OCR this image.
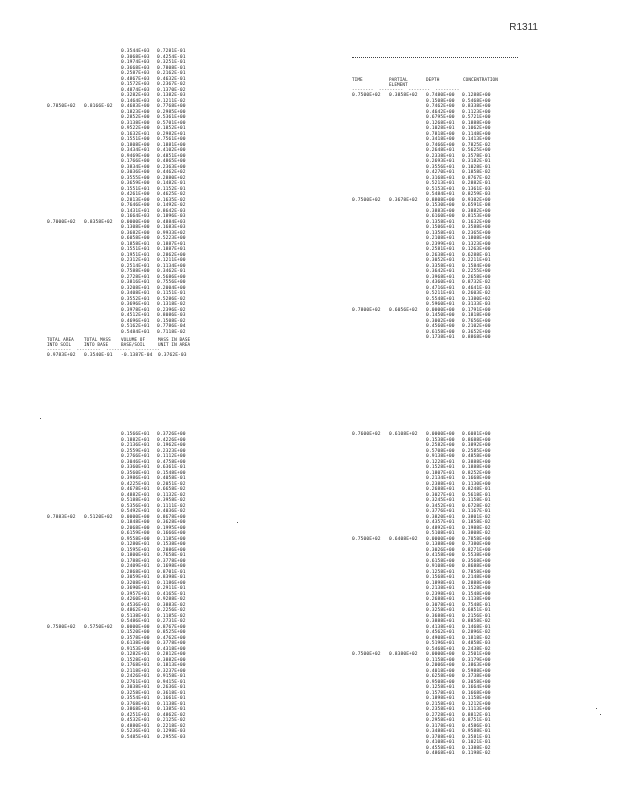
R1311
0.3544E+03	0.7281E-01
0.3068E+03	0.4254E-01
0.1974E+03	0.3251E-01
0.3668E+03	0.7808E-01
0.2587E+03	0.2162E-01
0.4867E+03	0.4632E-01
0.1572E+03	0.2367E-02
0.4874E+03	0.1370E-02
0.3282E+03	0.1382E-03
0.1464E+03	0.1211E-02
0.7850E+02	0.8166E-02	0.4683E+00	0.7768E+00
0.1823E+00	0.2985E+00
0.2852E+00	0.5361E+00
0.3138E+00	0.5701E+00
0.9522E+00	0.1852E+01
0.1632E+01	0.2982E+01
0.1551E+00	0.7561E+00
0.1808E+00	0.1881E+00
0.3434E+01	0.4102E+00
0.9469E+00	0.4851E+00
0.1766E+00	0.4865E+00
0.3834E+00	0.2363E+00
0.3036E+00	0.4462E+02
0.3555E+00	0.2880E+02
0.3659E+00	0.1482E-01
0.1551E+01	0.1152E-01
0.4261E+00	0.4625E-02
0.2813E+00	0.1635E-02
0.7646E+00	0.1492E-02
0.1431E+01	0.8642E-03
0.1664E+03	0.1896E-03
0.7000E+02	0.8358E+02	0.0000E+00	0.4884E+03
0.1308E+00	0.1683E+03
0.3682E+00	0.9933E+02
0.6058E+00	0.5223E+00
0.1858E+01	0.1887E+01
0.1551E+01	0.1887E+01
0.1951E+01	0.2862E+00
0.2312E+01	0.1211E+00
0.2514E+01	0.1134E+00
0.7588E+00	0.3462E-01
0.2728E+01	0.5686E+00
0.3816E+01	0.7556E+00
0.3208E+01	0.2004E+00
0.3408E+01	0.1151E-01
0.3552E+01	0.5286E-02
0.3696E+01	0.1318E-02
0.3978E+01	0.2396E-02
0.4512E+01	0.8086E-03
0.4696E+01	0.1508E-02
0.5162E+01	0.7786E-04
0.5484E+01	0.7118E-02
TOTAL AREA	TOTAL MASS	VOLUME OF	MASS IN BASE
INTO SOIL	INTO BASE	BASE/SOIL	UNIT IN AREA
---------  ---------  ---------  ---------
0.9783E+02	0.3540E-01	-0.1387E-04	0.3762E-03
TIME	PARTIAL	DEPTH	CONCENTRATION
ELEMENT
--------  ---------  --------  ---------
0.7500E+02	0.3858E+02	0.7480E+00	0.1288E+00
0.1508E+00	0.5468E+00
0.7462E+00	0.8338E+00
0.4642E+00	0.1123E+00
0.6795E+00	0.5721E+00
0.1268E+01	0.1888E+00
0.1028E+01	0.1062E+00
0.7818E+00	0.1148E+00
0.3418E+00	0.1413E+00
0.7466E+00	0.7825E-02
0.2648E+01	0.5625E+00
0.2338E+01	0.3578E-01
0.2693E+01	0.3182E-01
0.3556E+01	0.1028E-01
0.4270E+01	0.1858E-02
0.3168E+01	0.8767E-02
0.5213E+01	0.2882E-01
0.5153E+01	0.1361E-03
0.5484E+01	0.8259E-03
0.7500E+02	0.3678E+02	0.8808E+00	0.9382E+00
0.1530E+00	0.6591E-08
0.3883E+00	0.3882E+00
0.6160E+00	0.8153E+00
0.1358E+01	0.1632E+00
0.1506E+01	0.3588E+00
0.1358E+01	0.2365E+00
0.2108E+01	0.1808E+00
0.2399E+01	0.1323E+00
0.2581E+01	0.1263E+00
0.2638E+01	0.6288E-01
0.3052E+01	0.2211E+01
0.3358E+01	0.1584E+00
0.3642E+01	0.2255E+00
0.3968E+01	0.2658E+00
0.4360E+01	0.8732E-02
0.4716E+01	0.4641E-03
0.5211E+01	0.2603E-02
0.5548E+01	0.1380E+02
0.5960E+01	0.3133E-03
0.7800E+02	0.6056E+02	0.0000E+00	0.1791E+00
0.1450E+00	0.1818E+00
0.3002E+00	0.7656E+00
0.4560E+00	0.2102E+00
0.6158E+00	0.3652E+00
0.1738E+01	0.8868E+00
0.1566E+01	0.3726E+00
0.1882E+01	0.4226E+00
0.2136E+01	0.1962E+00
0.2559E+01	0.2323E+00
0.2766E+01	0.1112E+00
0.3046E+01	0.4758E+00
0.3360E+01	0.6361E-01
0.3560E+01	0.1548E+00
0.3986E+01	0.4058E-01
0.4225E+01	0.2051E-02
0.4678E+01	0.6658E-02
0.4882E+01	0.1132E-02
0.5188E+01	0.3958E-02
0.5356E+01	0.1111E-02
0.5492E+01	0.4036E-02
0.7883E+02	0.5120E+02	0.0000E+00	0.8678E+00
0.1848E+00	0.3628E+00
0.2068E+00	0.1995E+00
0.6159E+00	0.1666E+00
0.9558E+00	0.1185E+00
0.1280E+01	0.1538E+00
0.1595E+01	0.2886E+00
0.1800E+01	0.7658E-01
0.1788E+01	0.3778E+00
0.2409E+01	0.1698E+00
0.2868E+01	0.8701E-01
0.3059E+01	0.8398E-01
0.3208E+01	0.1186E+00
0.3690E+01	0.2911E-01
0.3957E+01	0.4165E-01
0.4260E+01	0.9288E-02
0.4536E+01	0.3883E-02
0.4862E+01	0.2256E-02
0.5138E+01	0.1185E-02
0.5486E+01	0.2731E-02
0.7580E+02	0.5750E+02	0.0000E+00	0.8767E+00
0.1520E+00	0.8525E+00
0.3578E+00	0.4762E+00
0.6138E+00	0.3778E+00
0.9153E+00	0.4318E+00
0.1282E+01	0.2812E+00
0.1528E+01	0.3882E+00
0.1768E+01	0.1813E+00
0.2118E+01	0.3237E+00
0.2426E+01	0.9158E-01
0.2761E+01	0.9415E-01
0.3038E+01	0.2636E-01
0.3258E+01	0.3618E-01
0.3554E+01	0.1661E-01
0.3768E+01	0.1138E-01
0.3868E+01	0.1385E-01
0.4251E+01	0.4862E-02
0.4532E+01	0.2125E-02
0.4880E+01	0.2218E-02
0.5236E+01	0.1298E-03
0.5485E+01	0.2955E-03
0.7600E+02	0.6108E+02	0.0000E+00	0.6081E+00
0.1538E+00	0.8688E+00
0.2582E+00	0.3892E+00
0.5708E+00	0.2585E+00
0.9138E+00	0.4858E+00
0.1228E+01	0.3888E+00
0.1528E+01	0.1888E+00
0.1807E+01	0.8252E+00
0.2134E+01	0.1668E+00
0.2388E+01	0.1130E+00
0.2688E+01	0.8248E-01
0.3027E+01	0.5618E-01
0.3245E+01	0.1158E-01
0.3452E+01	0.6728E-02
0.3776E+01	0.1167E-01
0.3820E+01	0.3801E-02
0.4357E+01	0.1858E-02
0.4892E+01	0.1988E-02
0.5108E+01	0.3808E-02
0.7500E+02	0.6408E+02	0.0000E+00	0.7858E+00
0.1388E+00	0.7380E+00
0.3026E+00	0.8271E+00
0.4158E+00	0.5538E+00
0.6158E+00	0.3568E+00
0.9108E+00	0.8688E+00
0.1258E+01	0.7858E+00
0.1568E+01	0.2148E+00
0.1898E+01	0.2888E+00
0.2138E+01	0.1528E+00
0.2398E+01	0.1548E+00
0.2688E+01	0.1138E+00
0.3078E+01	0.7548E-01
0.3258E+01	0.6851E-01
0.3688E+01	0.2156E-01
0.3888E+01	0.8858E-02
0.4138E+01	0.1468E-01
0.4562E+01	0.2896E-02
0.4908E+01	0.1818E-02
0.5196E+01	0.4858E-03
0.5468E+01	0.2438E-02
0.7500E+02	0.8380E+02	0.0000E+00	0.2501E+00
0.1158E+00	0.3179E+00
0.2006E+00	0.3863E+00
0.4018E+00	0.5988E+00
0.6258E+00	0.3738E+00
0.9508E+00	0.3058E+00
0.1258E+01	0.1664E+00
0.1578E+01	0.1668E+00
0.1898E+01	0.1158E+00
0.2158E+01	0.1212E+00
0.2358E+01	0.1113E+00
0.2728E+01	0.8812E-01
0.2958E+01	0.8751E-01
0.3178E+01	0.4586E-01
0.3488E+01	0.9588E-01
0.3788E+01	0.3581E-01
0.4108E+01	0.1021E-01
0.4558E+01	0.1388E-02
0.4868E+01	0.1198E-02
